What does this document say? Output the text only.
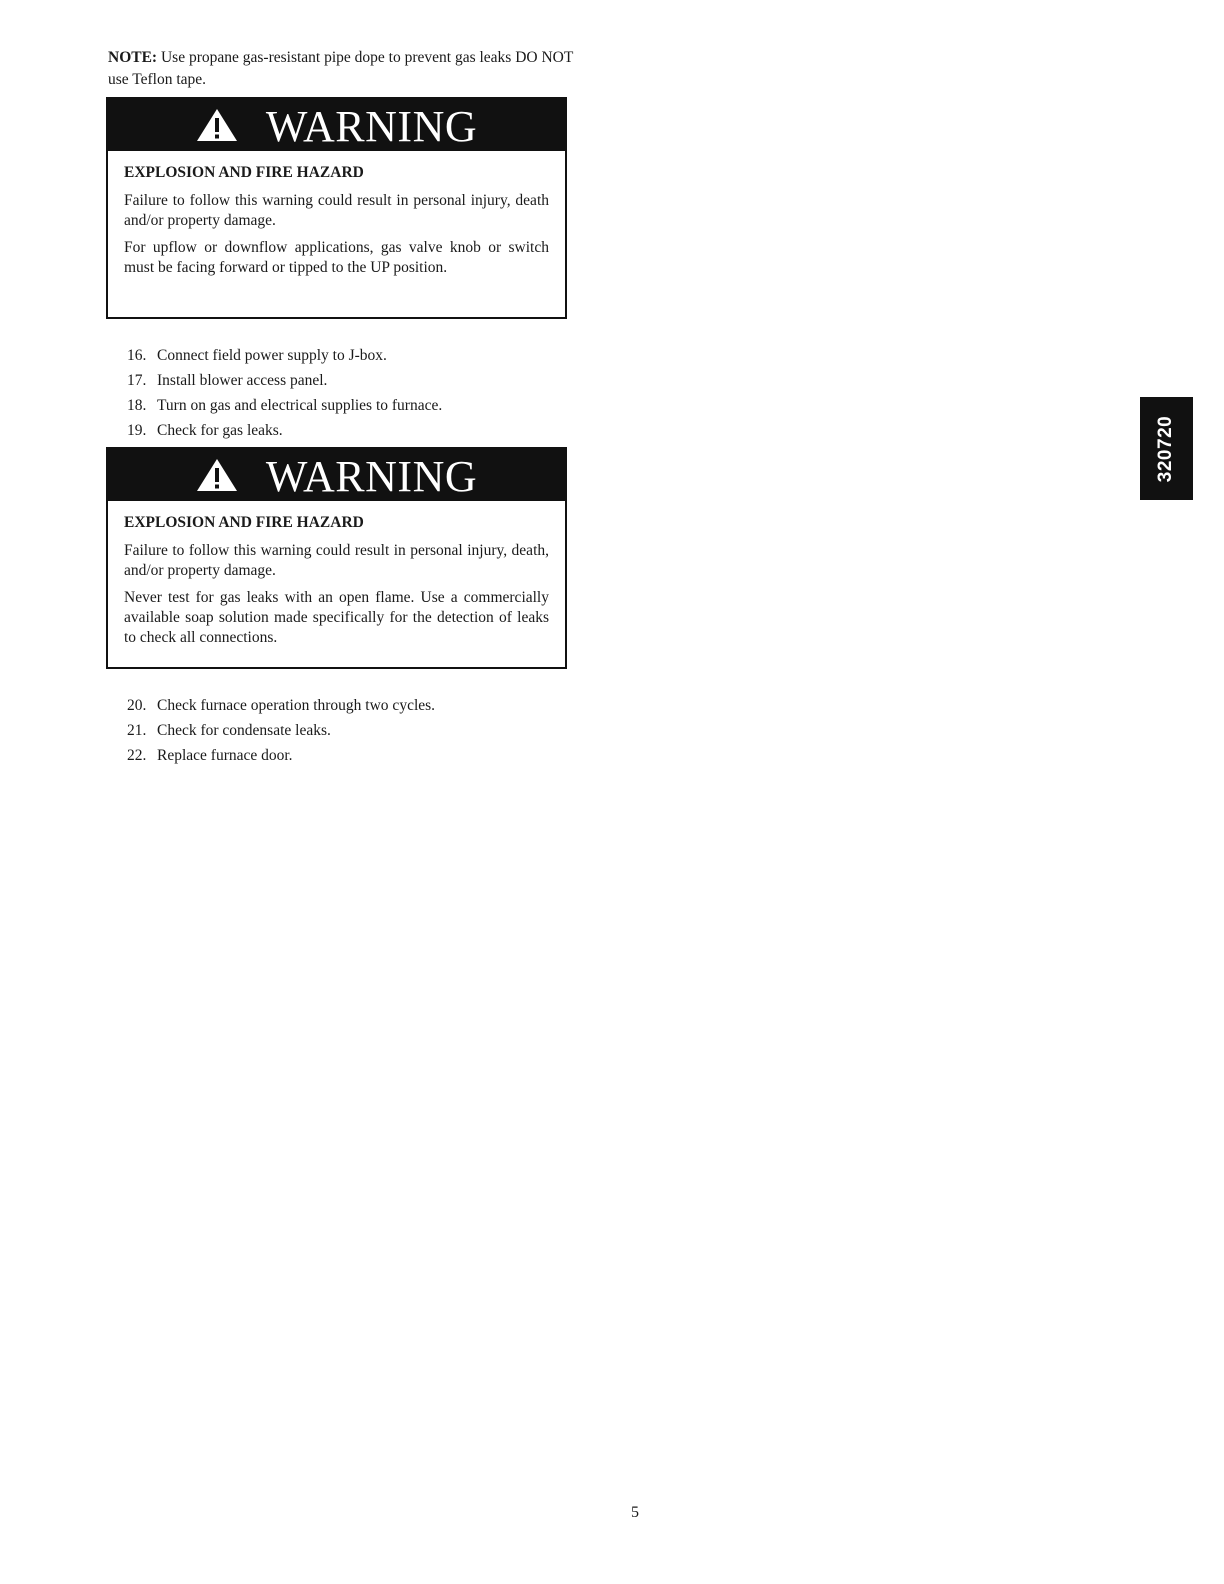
NOTE: Use propane gas-resistant pipe dope to prevent gas leaks DO NOT use Teflon tape.

WARNING

EXPLOSION AND FIRE HAZARD

Failure to follow this warning could result in personal injury, death and/or property damage.

For upflow or downflow applications, gas valve knob or switch must be facing forward or tipped to the UP position.

16. Connect field power supply to J-box.
17. Install blower access panel.
18. Turn on gas and electrical supplies to furnace.
19. Check for gas leaks.
WARNING

EXPLOSION AND FIRE HAZARD

Failure to follow this warning could result in personal injury, death, and/or property damage.

Never test for gas leaks with an open flame. Use a commercially available soap solution made specifically for the detection of leaks to check all connections.

20. Check furnace operation through two cycles.
21. Check for condensate leaks.
22. Replace furnace door.
320720
5
